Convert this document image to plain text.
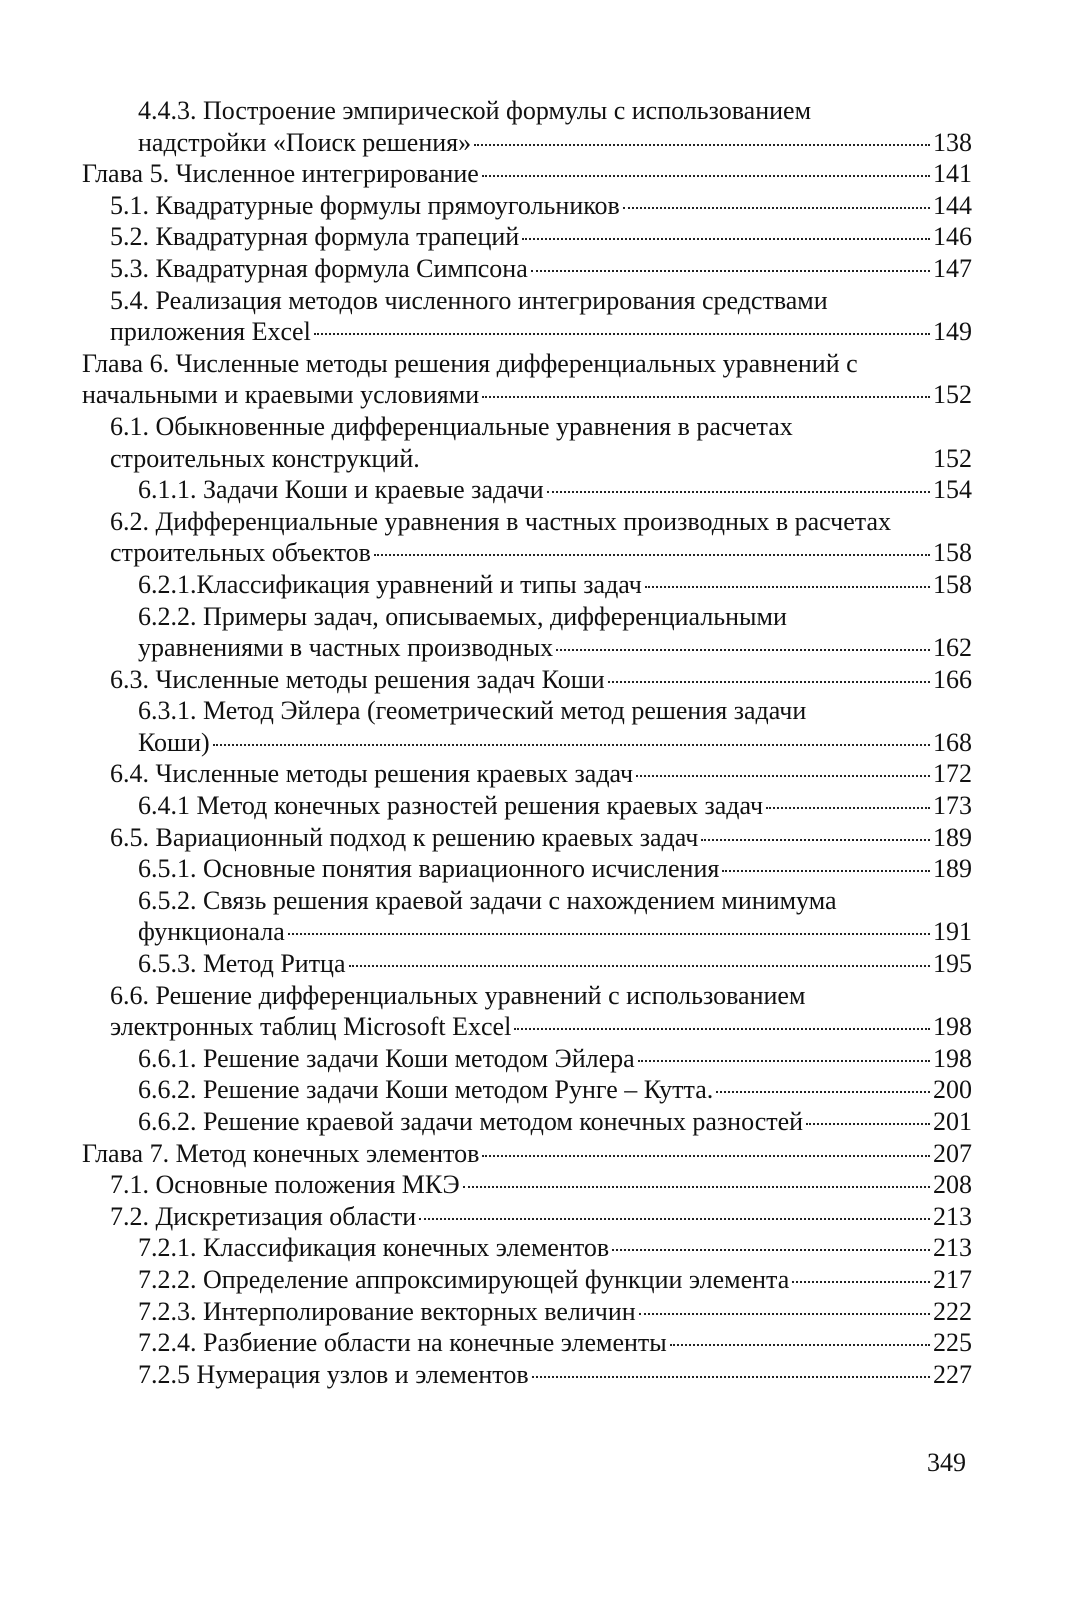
4.4.3. Построение эмпирической формулы с использованием
надстройки «Поиск решения»	138
Глава 5. Численное интегрирование	141
5.1. Квадратурные формулы прямоугольников	144
5.2. Квадратурная формула трапеций	146
5.3. Квадратурная формула Симпсона	147
5.4. Реализация методов численного интегрирования средствами
приложения Excel	149
Глава 6. Численные методы решения дифференциальных уравнений с
начальными и краевыми условиями	152
6.1. Обыкновенные дифференциальные уравнения в расчетах
строительных конструкций.	152
6.1.1. Задачи Коши и краевые задачи	154
6.2. Дифференциальные уравнения в частных производных в расчетах
строительных объектов	158
6.2.1.Классификация уравнений и типы задач	158
6.2.2. Примеры задач, описываемых, дифференциальными
уравнениями в частных производных	162
6.3. Численные методы решения задач Коши	166
6.3.1. Метод Эйлера (геометрический метод решения задачи
Коши)	168
6.4. Численные методы решения краевых задач	172
6.4.1 Метод конечных разностей решения краевых задач	173
6.5. Вариационный подход к решению краевых задач	189
6.5.1. Основные понятия вариационного исчисления	189
6.5.2. Связь решения краевой задачи с нахождением минимума
функционала	191
6.5.3. Метод Ритца	195
6.6. Решение дифференциальных уравнений с использованием
электронных таблиц Microsoft Excel	198
6.6.1. Решение задачи Коши методом Эйлера	198
6.6.2. Решение задачи Коши методом Рунге – Кутта.	200
6.6.2. Решение краевой задачи методом конечных разностей	201
Глава 7. Метод конечных элементов	207
7.1. Основные положения МКЭ	208
7.2. Дискретизация области	213
7.2.1. Классификация конечных элементов	213
7.2.2. Определение аппроксимирующей функции элемента	217
7.2.3. Интерполирование векторных величин	222
7.2.4. Разбиение области на конечные элементы	225
7.2.5 Нумерация узлов и элементов	227
349
